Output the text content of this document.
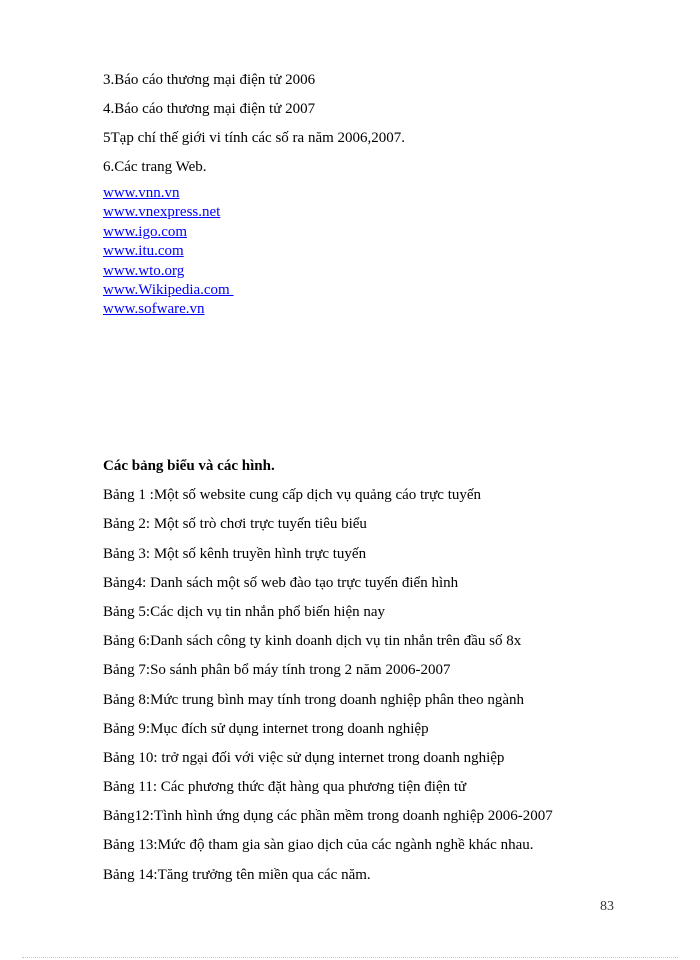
3.Báo cáo thương mại điện tử 2006
4.Báo cáo thương mại điện tử 2007
5Tạp chí thế giới vi tính các số ra năm 2006,2007.
6.Các trang Web.
www.vnn.vn
www.vnexpress.net
www.igo.com
www.itu.com
www.wto.org
www.Wikipedia.com
www.sofware.vn
Các bảng biểu và các hình.
Bảng 1 :Một số website cung cấp dịch vụ quảng cáo trực tuyến
Bảng 2: Một số trò chơi trực tuyến tiêu biểu
Bảng 3: Một số kênh truyền hình trực tuyến
Bảng4: Danh sách một số web đào tạo trực tuyến điển hình
Bảng 5:Các dịch vụ tin nhắn phổ biến hiện nay
Bảng 6:Danh sách công ty kinh doanh dịch vụ tin nhắn trên đầu số 8x
Bảng 7:So sánh phân bổ máy tính trong 2 năm 2006-2007
Bảng 8:Mức trung bình may tính trong doanh nghiệp phân theo ngành
Bảng 9:Mục đích sử dụng internet trong doanh nghiệp
Bảng 10: trở ngại đối với việc sử dụng internet trong doanh nghiệp
Bảng 11: Các phương thức đặt hàng qua phương tiện điện tử
Bảng12:Tình hình ứng dụng các phần mềm trong doanh nghiệp 2006-2007
Bảng 13:Mức độ tham gia sàn giao dịch của các ngành nghề khác nhau.
Bảng 14:Tăng trưởng tên miền qua các năm.
83
